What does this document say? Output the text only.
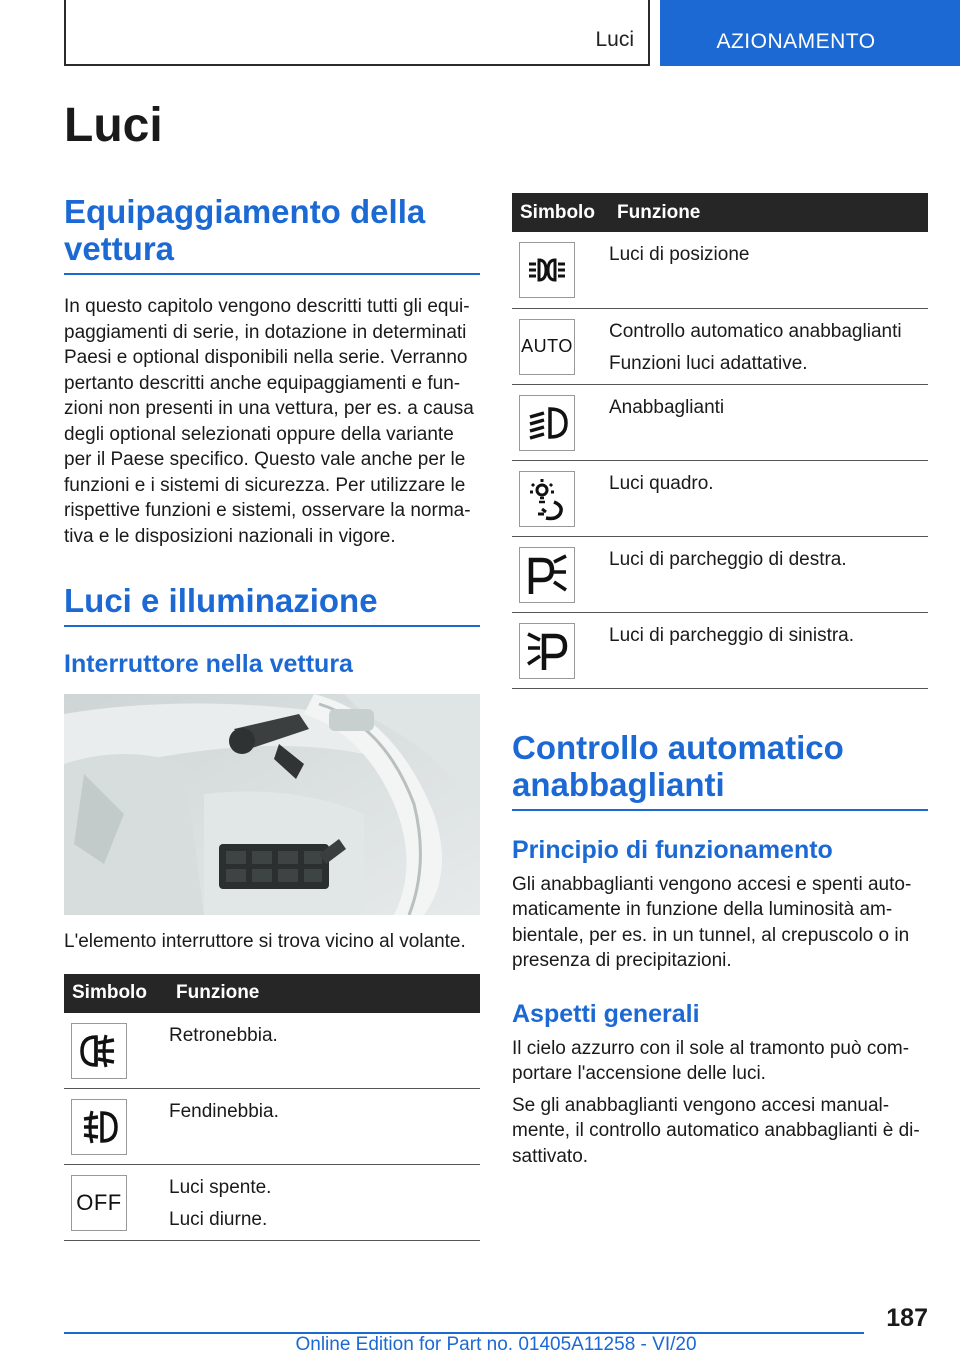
Luci	AZIONAMENTO
Luci
Equipaggiamento della vettura

In questo capitolo vengono descritti tutti gli equipaggiamenti di serie, in dotazione in determinati Paesi e optional disponibili nella serie. Verranno pertanto descritti anche equipaggiamenti e funzioni non presenti in una vettura, per es. a causa degli optional selezionati oppure della variante per il Paese specifico. Questo vale anche per le funzioni e i sistemi di sicurezza. Per utilizzare le rispettive funzioni e sistemi, osservare la normativa e le disposizioni nazionali in vigore.

Luci e illuminazione
Interruttore nella vettura

L'elemento interruttore si trova vicino al volante.

Simbolo	Funzione

Retronebbia.

Fendinebbia.

OFF	Luci spente.
Luci diurne.
Simbolo	Funzione

Luci di posizione

AUTO	Controllo automatico anabbaglianti
Funzioni luci adattative.

Anabbaglianti

Luci quadro.

Luci di parcheggio di destra.

Luci di parcheggio di sinistra.
Controllo automatico anabbaglianti
Principio di funzionamento

Gli anabbaglianti vengono accesi e spenti automaticamente in funzione della luminosità ambientale, per es. in un tunnel, al crepuscolo o in presenza di precipitazioni.

Aspetti generali

Il cielo azzurro con il sole al tramonto può comportare l'accensione delle luci.

Se gli anabbaglianti vengono accesi manualmente, il controllo automatico anabbaglianti è disattivato.

187
Online Edition for Part no. 01405A11258 - VI/20
